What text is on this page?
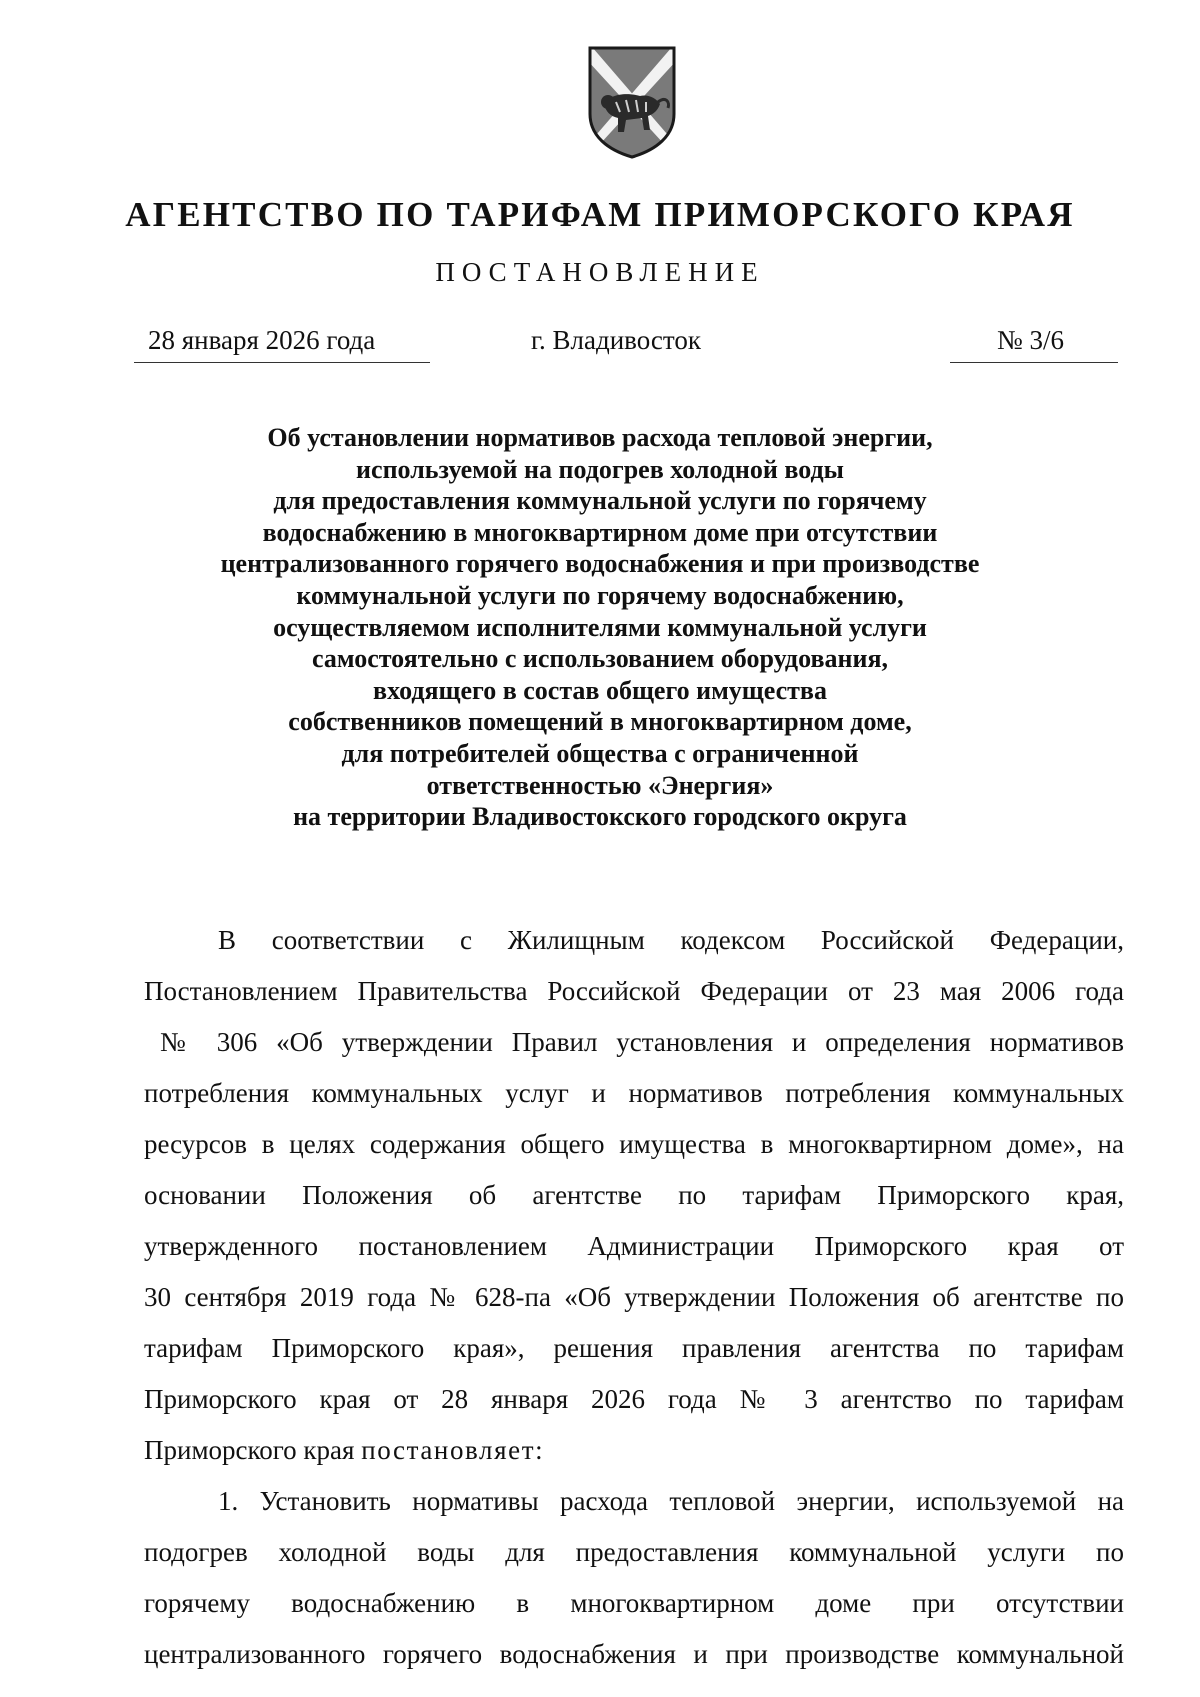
АГЕНТСТВО ПО ТАРИФАМ ПРИМОРСКОГО КРАЯ
ПОСТАНОВЛЕНИЕ
28 января 2026 года	г. Владивосток	№ 3/6
Об установлении нормативов расхода тепловой энергии,
используемой на подогрев холодной воды
для предоставления коммунальной услуги по горячему
водоснабжению в многоквартирном доме при отсутствии
централизованного горячего водоснабжения и при производстве
коммунальной услуги по горячему водоснабжению,
осуществляемом исполнителями коммунальной услуги
самостоятельно с использованием оборудования,
входящего в состав общего имущества
собственников помещений в многоквартирном доме,
для потребителей общества с ограниченной
ответственностью «Энергия»
на территории Владивостокского городского округа
В соответствии с Жилищным кодексом Российской Федерации,
Постановлением Правительства Российской Федерации от 23 мая 2006 года
№ 306 «Об утверждении Правил установления и определения нормативов
потребления коммунальных услуг и нормативов потребления коммунальных
ресурсов в целях содержания общего имущества в многоквартирном доме», на
основании Положения об агентстве по тарифам Приморского края,
утвержденного постановлением Администрации Приморского края от
30 сентября 2019 года № 628-па «Об утверждении Положения об агентстве по
тарифам Приморского края», решения правления агентства по тарифам
Приморского края от 28 января 2026 года № 3 агентство по тарифам
Приморского края постановляет:
1. Установить нормативы расхода тепловой энергии, используемой на
подогрев холодной воды для предоставления коммунальной услуги по
горячему водоснабжению в многоквартирном доме при отсутствии
централизованного горячего водоснабжения и при производстве коммунальной
